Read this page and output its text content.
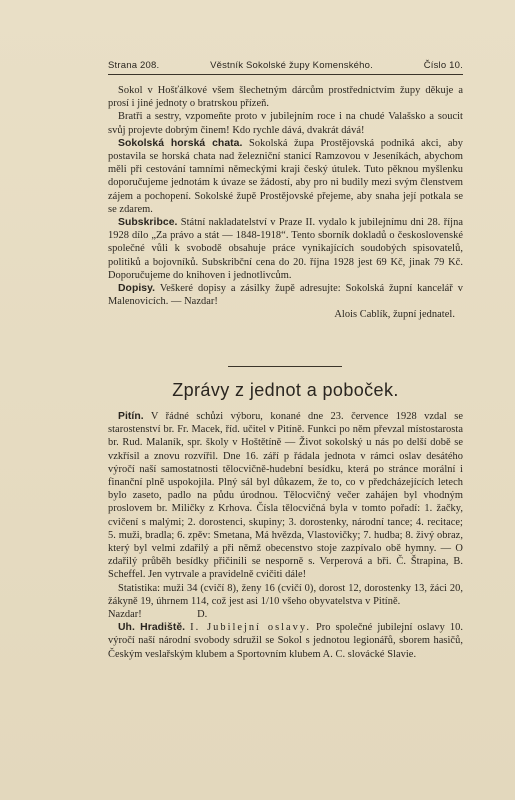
Strana 208.	Věstník Sokolské župy Komenského.	Číslo 10.

Sokol v Hošťálkové všem šlechetným dárcům prostřednictvím župy děkuje a prosí i jiné jednoty o bratrskou přízeň.

Bratři a sestry, vzpomeňte proto v jubilejním roce i na chudé Valašsko a soucit svůj projevte dobrým činem! Kdo rychle dává, dvakrát dává!

Sokolská horská chata. Sokolská župa Prostějovská podniká akci, aby postavila se horská chata nad železniční stanicí Ramzovou v Jeseníkách, abychom měli při cestování tamními německými kraji český útulek. Tuto pěknou myšlenku doporučujeme jednotám k úvaze se žádostí, aby pro ni budily mezi svým členstvem zájem a pochopení. Sokolské župě Prostějovské přejeme, aby snaha její potkala se se zdarem.

Subskribce. Státní nakladatelství v Praze II. vydalo k jubilejnímu dni 28. října 1928 dílo „Za právo a stát — 1848-1918“. Tento sborník dokladů o československé společné vůli k svobodě obsahuje práce vynikajících soudobých spisovatelů, politiků a bojovníků. Subskribční cena do 20. října 1928 jest 69 Kč, jinak 79 Kč. Doporučujeme do knihoven i jednotlivcům.

Dopisy. Veškeré dopisy a zásilky župě adresujte: Sokolská župní kancelář v Malenovicích. — Nazdar!

Alois Cablík, župní jednatel.

Zprávy z jednot a poboček.

Pitín. V řádné schůzi výboru, konané dne 23. července 1928 vzdal se starostenství br. Fr. Macek, říd. učitel v Pitíně. Funkci po něm převzal místostarosta br. Rud. Malaník, spr. školy v Hoštětíně — Život sokolský u nás po delší době se vzkřísil a znovu rozvířil. Dne 16. září p řádala jednota v rámci oslav desátého výročí naší samostatnosti tělocvičně-hudební besídku, která po stránce morální i finanční plně uspokojila. Plný sál byl důkazem, že to, co v předcházejících letech bylo zaseto, padlo na půdu úrodnou. Tělocvičný večer zahájen byl vhodným proslovem br. Miličky z Krhova. Čísla tělocvičná byla v tomto pořadí: 1. žačky, cvičení s malými; 2. dorostenci, skupiny; 3. dorostenky, národní tance; 4. recitace; 5. muži, bradla; 6. zpěv: Smetana, Má hvězda, Vlastovičky; 7. hudba; 8. živý obraz, který byl velmi zdařilý a při němž obecenstvo stoje zazpívalo obě hymny. — O zdařilý průběh besídky přičinili se nesporně s. Verperová a bři. Č. Štrapina, B. Scheffel. Jen vytrvale a pravidelně cvičiti dále!

Statistika: muži 34 (cvičí 8), ženy 16 (cvičí 0), dorost 12, dorostenky 13, žáci 20, žákyně 19, úhrnem 114, což jest asi 1/10 všeho obyvatelstva v Pitíně.  Nazdar!	D.

Uh. Hradiště. I. Jubilejní oslavy. Pro společné jubilejní oslavy 10. výročí naší národní svobody sdružil se Sokol s jednotou legionářů, sborem hasičů, Českým veslařským klubem a Sportovním klubem A. C. slovácké Slavie.
